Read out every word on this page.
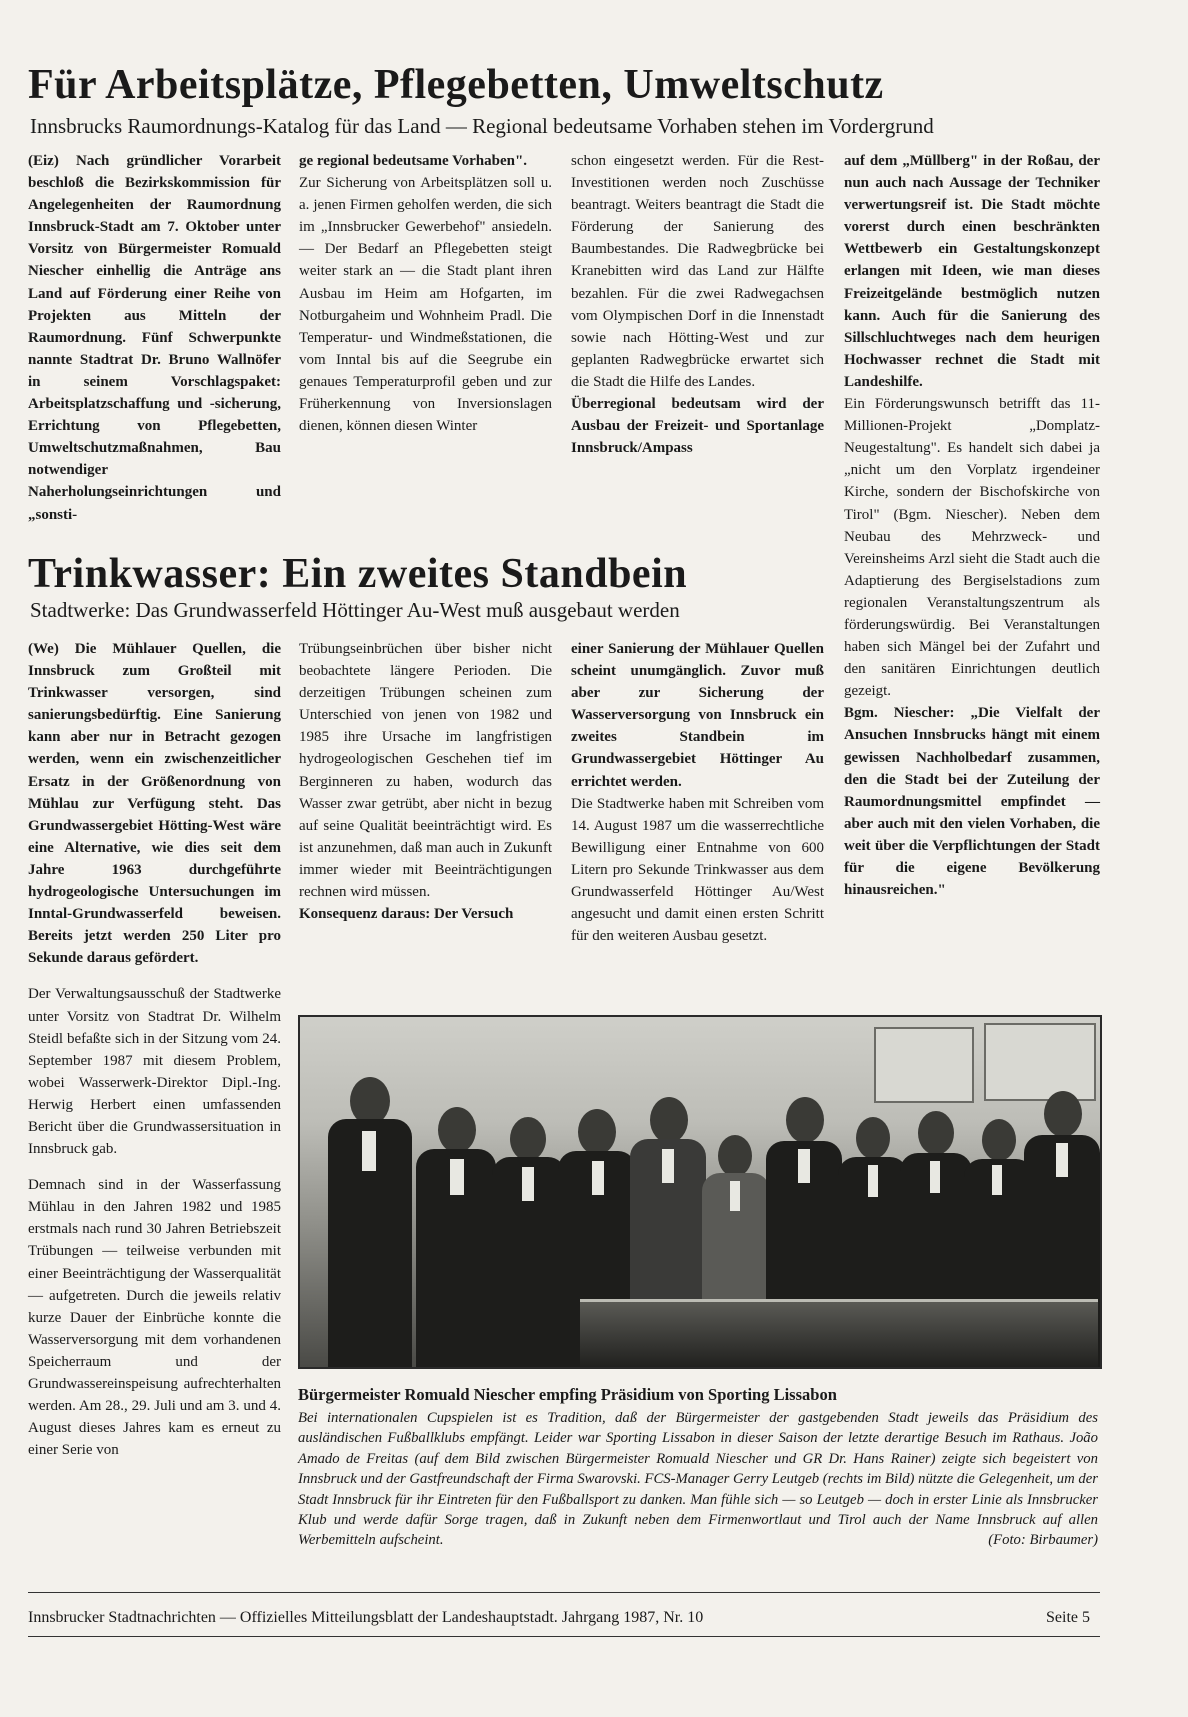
Für Arbeitsplätze, Pflegebetten, Umweltschutz
Innsbrucks Raumordnungs-Katalog für das Land — Regional bedeutsame Vorhaben stehen im Vordergrund

(Eiz) Nach gründlicher Vorarbeit beschloß die Bezirkskommission für Angelegenheiten der Raumordnung Innsbruck-Stadt am 7. Oktober unter Vorsitz von Bürgermeister Romuald Niescher einhellig die Anträge ans Land auf Förderung einer Reihe von Projekten aus Mitteln der Raumordnung. Fünf Schwerpunkte nannte Stadtrat Dr. Bruno Wallnöfer in seinem Vorschlagspaket: Arbeitsplatzschaffung und -sicherung, Errichtung von Pflegebetten, Umweltschutzmaßnahmen, Bau notwendiger Naherholungseinrichtungen und „sonsti-

ge regional bedeutsame Vorhaben".

Zur Sicherung von Arbeitsplätzen soll u. a. jenen Firmen geholfen werden, die sich im „Innsbrucker Gewerbehof" ansiedeln. — Der Bedarf an Pflegebetten steigt weiter stark an — die Stadt plant ihren Ausbau im Heim am Hofgarten, im Notburgaheim und Wohnheim Pradl. Die Temperatur- und Windmeßstationen, die vom Inntal bis auf die Seegrube ein genaues Temperaturprofil geben und zur Früherkennung von Inversionslagen dienen, können diesen Winter

schon eingesetzt werden. Für die Rest-Investitionen werden noch Zuschüsse beantragt. Weiters beantragt die Stadt die Förderung der Sanierung des Baumbestandes. Die Radwegbrücke bei Kranebitten wird das Land zur Hälfte bezahlen. Für die zwei Radwegachsen vom Olympischen Dorf in die Innenstadt sowie nach Hötting-West und zur geplanten Radwegbrücke erwartet sich die Stadt die Hilfe des Landes.

Überregional bedeutsam wird der Ausbau der Freizeit- und Sportanlage Innsbruck/Ampass

auf dem „Müllberg" in der Roßau, der nun auch nach Aussage der Techniker verwertungsreif ist. Die Stadt möchte vorerst durch einen beschränkten Wettbewerb ein Gestaltungskonzept erlangen mit Ideen, wie man dieses Freizeitgelände bestmöglich nutzen kann. Auch für die Sanierung des Sillschluchtweges nach dem heurigen Hochwasser rechnet die Stadt mit Landeshilfe.

Ein Förderungswunsch betrifft das 11-Millionen-Projekt „Domplatz-Neugestaltung". Es handelt sich dabei ja „nicht um den Vorplatz irgendeiner Kirche, sondern der Bischofskirche von Tirol" (Bgm. Niescher). Neben dem Neubau des Mehrzweck- und Vereinsheims Arzl sieht die Stadt auch die Adaptierung des Bergiselstadions zum regionalen Veranstaltungszentrum als förderungswürdig. Bei Veranstaltungen haben sich Mängel bei der Zufahrt und den sanitären Einrichtungen deutlich gezeigt.

Bgm. Niescher: „Die Vielfalt der Ansuchen Innsbrucks hängt mit einem gewissen Nachholbedarf zusammen, den die Stadt bei der Zuteilung der Raumordnungsmittel empfindet — aber auch mit den vielen Vorhaben, die weit über die Verpflichtungen der Stadt für die eigene Bevölkerung hinausreichen."

Trinkwasser: Ein zweites Standbein
Stadtwerke: Das Grundwasserfeld Höttinger Au-West muß ausgebaut werden

(We) Die Mühlauer Quellen, die Innsbruck zum Großteil mit Trinkwasser versorgen, sind sanierungsbedürftig. Eine Sanierung kann aber nur in Betracht gezogen werden, wenn ein zwischenzeitlicher Ersatz in der Größenordnung von Mühlau zur Verfügung steht. Das Grundwassergebiet Hötting-West wäre eine Alternative, wie dies seit dem Jahre 1963 durchgeführte hydrogeologische Untersuchungen im Inntal-Grundwasserfeld beweisen. Bereits jetzt werden 250 Liter pro Sekunde daraus gefördert.

Der Verwaltungsausschuß der Stadtwerke unter Vorsitz von Stadtrat Dr. Wilhelm Steidl befaßte sich in der Sitzung vom 24. September 1987 mit diesem Problem, wobei Wasserwerk-Direktor Dipl.-Ing. Herwig Herbert einen umfassenden Bericht über die Grundwassersituation in Innsbruck gab.

Demnach sind in der Wasserfassung Mühlau in den Jahren 1982 und 1985 erstmals nach rund 30 Jahren Betriebszeit Trübungen — teilweise verbunden mit einer Beeinträchtigung der Wasserqualität — aufgetreten. Durch die jeweils relativ kurze Dauer der Einbrüche konnte die Wasserversorgung mit dem vorhandenen Speicherraum und der Grundwassereinspeisung aufrechterhalten werden. Am 28., 29. Juli und am 3. und 4. August dieses Jahres kam es erneut zu einer Serie von

Trübungseinbrüchen über bisher nicht beobachtete längere Perioden. Die derzeitigen Trübungen scheinen zum Unterschied von jenen von 1982 und 1985 ihre Ursache im langfristigen hydrogeologischen Geschehen tief im Berginneren zu haben, wodurch das Wasser zwar getrübt, aber nicht in bezug auf seine Qualität beeinträchtigt wird. Es ist anzunehmen, daß man auch in Zukunft immer wieder mit Beeinträchtigungen rechnen wird müssen.

Konsequenz daraus: Der Versuch

einer Sanierung der Mühlauer Quellen scheint unumgänglich. Zuvor muß aber zur Sicherung der Wasserversorgung von Innsbruck ein zweites Standbein im Grundwassergebiet Höttinger Au errichtet werden.

Die Stadtwerke haben mit Schreiben vom 14. August 1987 um die wasserrechtliche Bewilligung einer Entnahme von 600 Litern pro Sekunde Trinkwasser aus dem Grundwasserfeld Höttinger Au/West angesucht und damit einen ersten Schritt für den weiteren Ausbau gesetzt.

Bürgermeister Romuald Niescher empfing Präsidium von Sporting Lissabon
Bei internationalen Cupspielen ist es Tradition, daß der Bürgermeister der gastgebenden Stadt jeweils das Präsidium des ausländischen Fußballklubs empfängt. Leider war Sporting Lissabon in dieser Saison der letzte derartige Besuch im Rathaus. João Amado de Freitas (auf dem Bild zwischen Bürgermeister Romuald Niescher und GR Dr. Hans Rainer) zeigte sich begeistert von Innsbruck und der Gastfreundschaft der Firma Swarovski. FCS-Manager Gerry Leutgeb (rechts im Bild) nützte die Gelegenheit, um der Stadt Innsbruck für ihr Eintreten für den Fußballsport zu danken. Man fühle sich — so Leutgeb — doch in erster Linie als Innsbrucker Klub und werde dafür Sorge tragen, daß in Zukunft neben dem Firmenwortlaut und Tirol auch der Name Innsbruck auf allen Werbemitteln aufscheint.	(Foto: Birbaumer)
Innsbrucker Stadtnachrichten — Offizielles Mitteilungsblatt der Landeshauptstadt. Jahrgang 1987, Nr. 10	Seite 5
